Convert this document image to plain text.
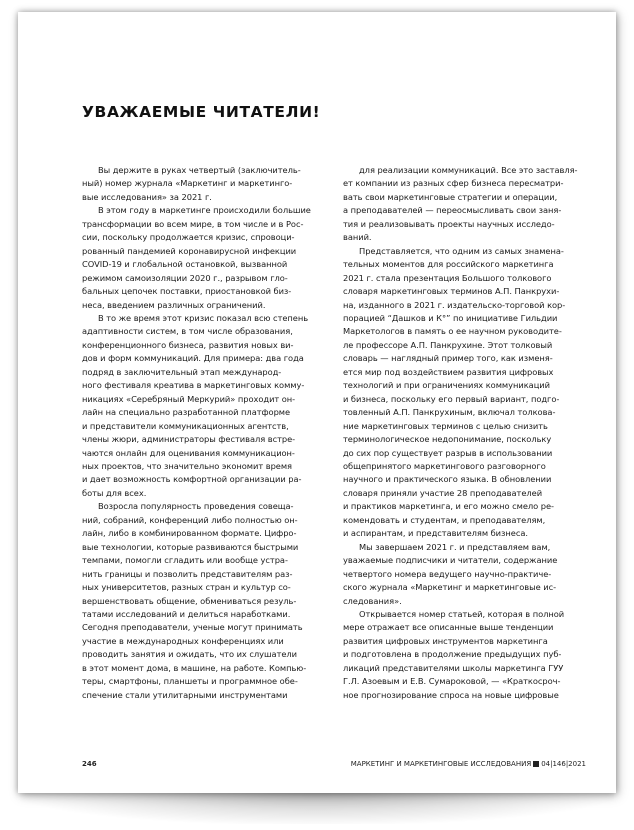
УВАЖАЕМЫЕ ЧИТАТЕЛИ!

Вы держите в руках четвертый (заключитель-
ный) номер журнала «Маркетинг и маркетинго-
вые исследования» за 2021 г.

В этом году в маркетинге происходили большие
трансформации во всем мире, в том числе и в Рос-
сии, поскольку продолжается кризис, спровоци-
рованный пандемией коронавирусной инфекции
COVID-19 и глобальной остановкой, вызванной
режимом самоизоляции 2020 г., разрывом гло-
бальных цепочек поставки, приостановкой биз-
неса, введением различных ограничений.

В то же время этот кризис показал всю степень
адаптивности систем, в том числе образования,
конференционного бизнеса, развития новых ви-
дов и форм коммуникаций. Для примера: два года
подряд в заключительный этап международ-
ного фестиваля креатива в маркетинговых комму-
никациях «Серебряный Меркурий» проходит он-
лайн на специально разработанной платформе
и представители коммуникационных агентств,
члены жюри, администраторы фестиваля встре-
чаются онлайн для оценивания коммуникацион-
ных проектов, что значительно экономит время
и дает возможность комфортной организации ра-
боты для всех.

Возросла популярность проведения совеща-
ний, собраний, конференций либо полностью он-
лайн, либо в комбинированном формате. Цифро-
вые технологии, которые развиваются быстрыми
темпами, помогли сгладить или вообще устра-
нить границы и позволить представителям раз-
ных университетов, разных стран и культур со-
вершенствовать общение, обмениваться резуль-
татами исследований и делиться наработками.
Сегодня преподаватели, ученые могут принимать
участие в международных конференциях или
проводить занятия и ожидать, что их слушатели
в этот момент дома, в машине, на работе. Компью-
теры, смартфоны, планшеты и программное обе-
спечение стали утилитарными инструментами

для реализации коммуникаций. Все это заставля-
ет компании из разных сфер бизнеса пересматри-
вать свои маркетинговые стратегии и операции,
а преподавателей — переосмысливать свои заня-
тия и реализовывать проекты научных исследо-
ваний.

Представляется, что одним из самых знамена-
тельных моментов для российского маркетинга
2021 г. стала презентация Большого толкового
словаря маркетинговых терминов А.П. Панкрухи-
на, изданного в 2021 г. издательско-торговой кор-
порацией “Дашков и К°” по инициативе Гильдии
Маркетологов в память о ее научном руководите-
ле профессоре А.П. Панкрухине. Этот толковый
словарь — наглядный пример того, как изменя-
ется мир под воздействием развития цифровых
технологий и при ограничениях коммуникаций
и бизнеса, поскольку его первый вариант, подго-
товленный А.П. Панкрухиным, включал толкова-
ние маркетинговых терминов с целью снизить
терминологическое недопонимание, поскольку
до сих пор существует разрыв в использовании
общепринятого маркетингового разговорного
научного и практического языка. В обновлении
словаря приняли участие 28 преподавателей
и практиков маркетинга, и его можно смело ре-
комендовать и студентам, и преподавателям,
и аспирантам, и представителям бизнеса.

Мы завершаем 2021 г. и представляем вам,
уважаемые подписчики и читатели, содержание
четвертого номера ведущего научно-практиче-
ского журнала «Маркетинг и маркетинговые ис-
следования».

Открывается номер статьей, которая в полной
мере отражает все описанные выше тенденции
развития цифровых инструментов маркетинга
и подготовлена в продолжение предыдущих пуб-
ликаций представителями школы маркетинга ГУУ
Г.Л. Азоевым и Е.В. Сумароковой, — «Краткосроч-
ное прогнозирование спроса на новые цифровые

246	МАРКЕТИНГ И МАРКЕТИНГОВЫЕ ИССЛЕДОВАНИЯ 04|146|2021
